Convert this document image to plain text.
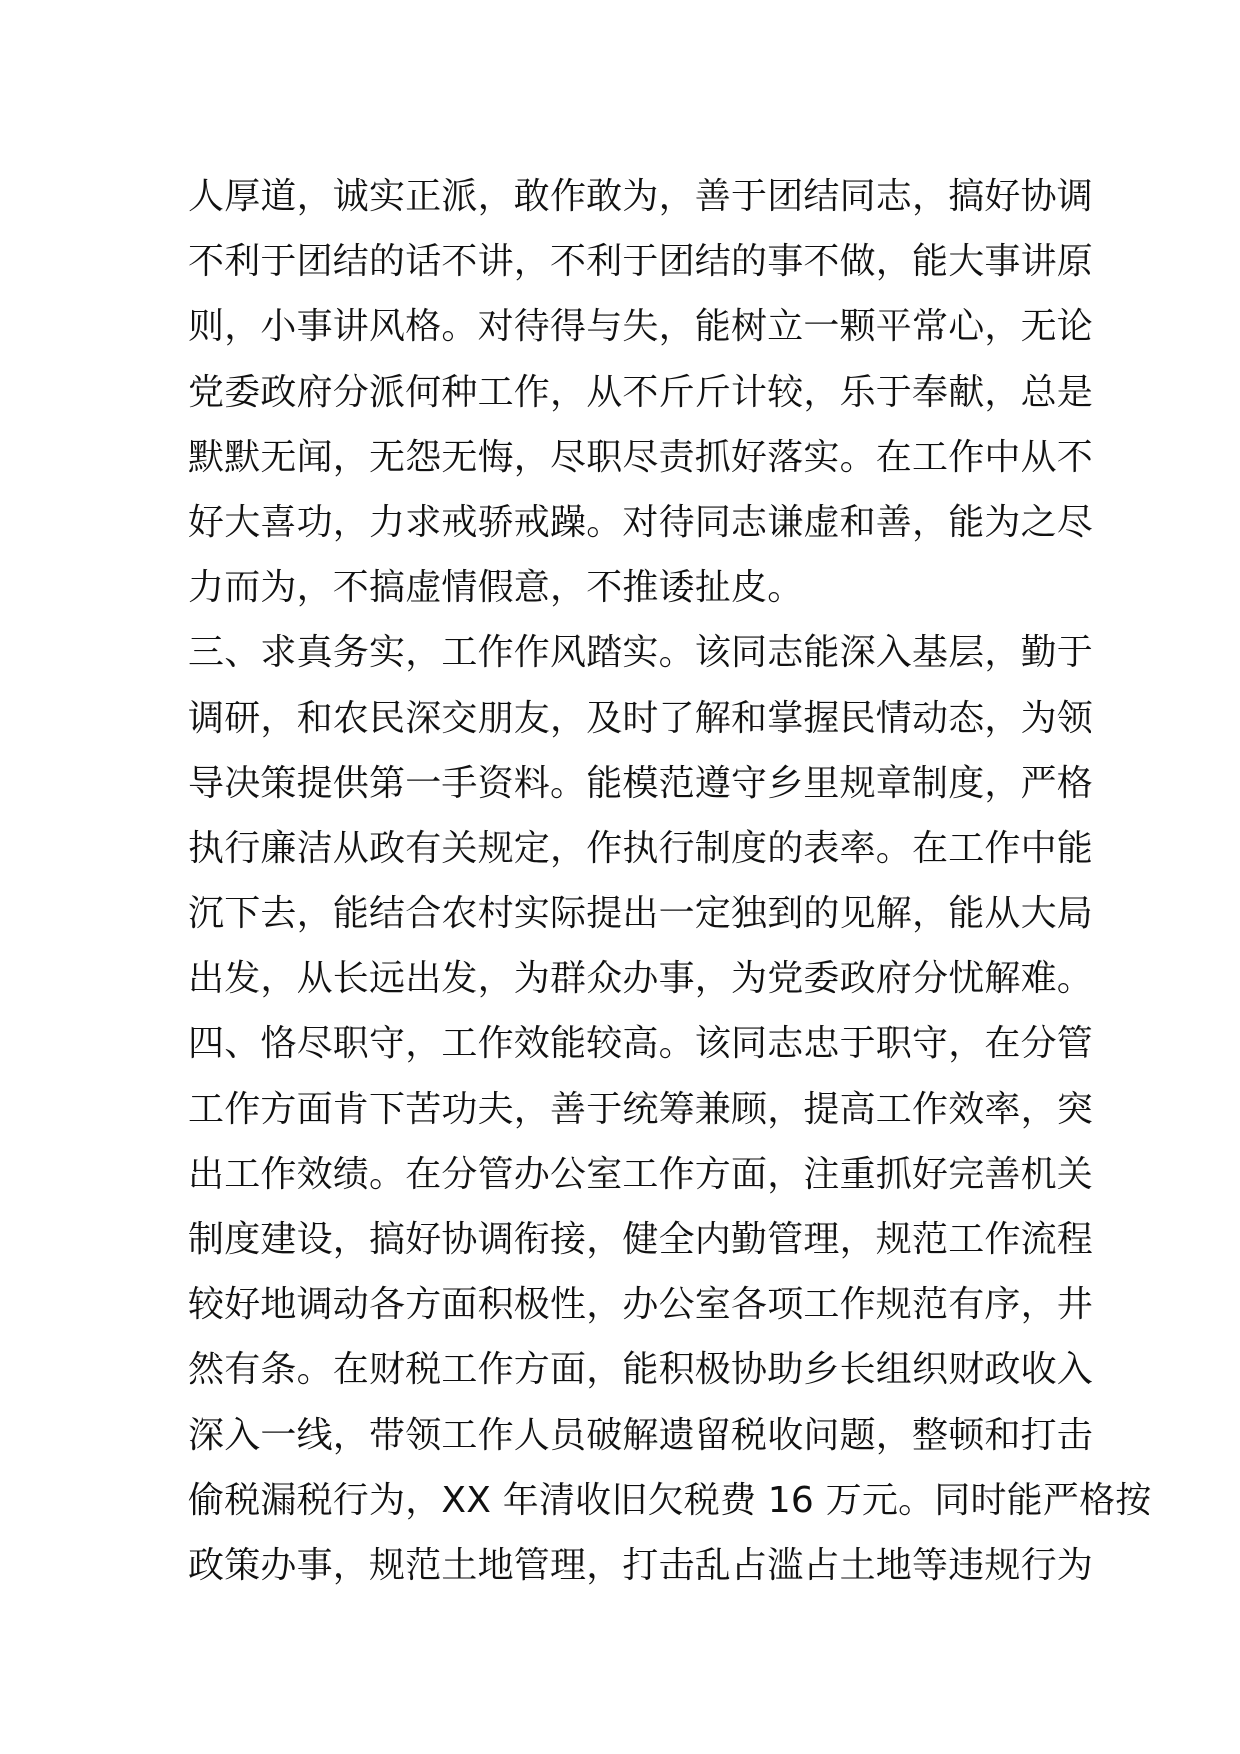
人厚道，诚实正派，敢作敢为，善于团结同志，搞好协调
不利于团结的话不讲，不利于团结的事不做，能大事讲原
则，小事讲风格。对待得与失，能树立一颗平常心，无论
党委政府分派何种工作，从不斤斤计较，乐于奉献，总是
默默无闻，无怨无悔，尽职尽责抓好落实。在工作中从不
好大喜功，力求戒骄戒躁。对待同志谦虚和善，能为之尽
力而为，不搞虚情假意，不推诿扯皮。
三、求真务实，工作作风踏实。该同志能深入基层，勤于
调研，和农民深交朋友，及时了解和掌握民情动态，为领
导决策提供第一手资料。能模范遵守乡里规章制度，严格
执行廉洁从政有关规定，作执行制度的表率。在工作中能
沉下去，能结合农村实际提出一定独到的见解，能从大局
出发，从长远出发，为群众办事，为党委政府分忧解难。
四、恪尽职守，工作效能较高。该同志忠于职守，在分管
工作方面肯下苦功夫，善于统筹兼顾，提高工作效率，突
出工作效绩。在分管办公室工作方面，注重抓好完善机关
制度建设，搞好协调衔接，健全内勤管理，规范工作流程
较好地调动各方面积极性，办公室各项工作规范有序，井
然有条。在财税工作方面，能积极协助乡长组织财政收入
深入一线，带领工作人员破解遗留税收问题，整顿和打击
偷税漏税行为，XX 年清收旧欠税费 16 万元。同时能严格按
政策办事，规范土地管理，打击乱占滥占土地等违规行为
